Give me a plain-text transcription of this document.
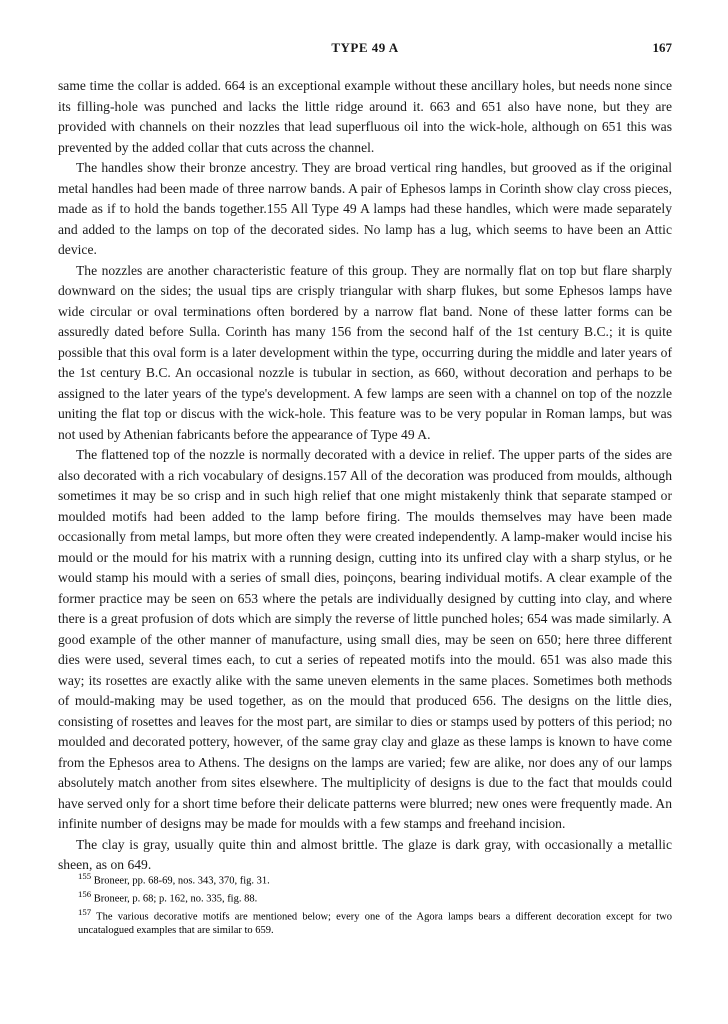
TYPE 49 A	167

same time the collar is added. 664 is an exceptional example without these ancillary holes, but needs none since its filling-hole was punched and lacks the little ridge around it. 663 and 651 also have none, but they are provided with channels on their nozzles that lead superfluous oil into the wick-hole, although on 651 this was prevented by the added collar that cuts across the channel.

The handles show their bronze ancestry. They are broad vertical ring handles, but grooved as if the original metal handles had been made of three narrow bands. A pair of Ephesos lamps in Corinth show clay cross pieces, made as if to hold the bands together.155 All Type 49 A lamps had these handles, which were made separately and added to the lamps on top of the decorated sides. No lamp has a lug, which seems to have been an Attic device.

The nozzles are another characteristic feature of this group. They are normally flat on top but flare sharply downward on the sides; the usual tips are crisply triangular with sharp flukes, but some Ephesos lamps have wide circular or oval terminations often bordered by a narrow flat band. None of these latter forms can be assuredly dated before Sulla. Corinth has many 156 from the second half of the 1st century B.C.; it is quite possible that this oval form is a later development within the type, occurring during the middle and later years of the 1st century B.C. An occasional nozzle is tubular in section, as 660, without decoration and perhaps to be assigned to the later years of the type's development. A few lamps are seen with a channel on top of the nozzle uniting the flat top or discus with the wick-hole. This feature was to be very popular in Roman lamps, but was not used by Athenian fabricants before the appearance of Type 49 A.

The flattened top of the nozzle is normally decorated with a device in relief. The upper parts of the sides are also decorated with a rich vocabulary of designs.157 All of the decoration was produced from moulds, although sometimes it may be so crisp and in such high relief that one might mistakenly think that separate stamped or moulded motifs had been added to the lamp before firing. The moulds themselves may have been made occasionally from metal lamps, but more often they were created independently. A lamp-maker would incise his mould or the mould for his matrix with a running design, cutting into its unfired clay with a sharp stylus, or he would stamp his mould with a series of small dies, poinçons, bearing individual motifs. A clear example of the former practice may be seen on 653 where the petals are individually designed by cutting into clay, and where there is a great profusion of dots which are simply the reverse of little punched holes; 654 was made similarly. A good example of the other manner of manufacture, using small dies, may be seen on 650; here three different dies were used, several times each, to cut a series of repeated motifs into the mould. 651 was also made this way; its rosettes are exactly alike with the same uneven elements in the same places. Sometimes both methods of mould-making may be used together, as on the mould that produced 656. The designs on the little dies, consisting of rosettes and leaves for the most part, are similar to dies or stamps used by potters of this period; no moulded and decorated pottery, however, of the same gray clay and glaze as these lamps is known to have come from the Ephesos area to Athens. The designs on the lamps are varied; few are alike, nor does any of our lamps absolutely match another from sites elsewhere. The multiplicity of designs is due to the fact that moulds could have served only for a short time before their delicate patterns were blurred; new ones were frequently made. An infinite number of designs may be made for moulds with a few stamps and freehand incision.

The clay is gray, usually quite thin and almost brittle. The glaze is dark gray, with occasionally a metallic sheen, as on 649.

$^{155}$ Broneer, pp. 68-69, nos. 343, 370, fig. 31.
$^{156}$ Broneer, p. 68; p. 162, no. 335, fig. 88.
$^{157}$ The various decorative motifs are mentioned below; every one of the Agora lamps bears a different decoration except for two uncatalogued examples that are similar to 659.
